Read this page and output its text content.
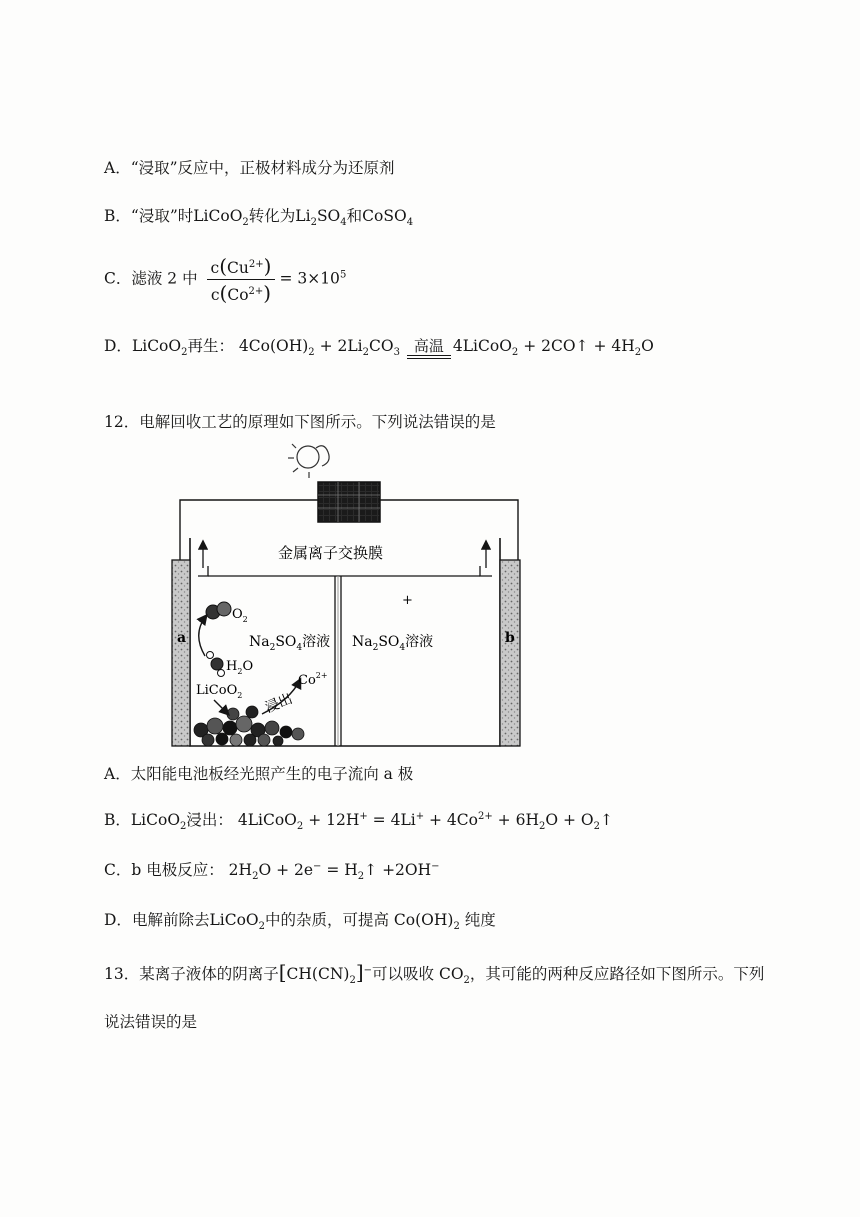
A．“浸取”反应中，正极材料成分为还原剂
B．“浸取”时LiCoO$_2$转化为$Li_2SO_4$和CoSO$_4$
C．滤液 2 中 $\frac{c(Cu^{2+})}{c(Co^{2+})} = 3\times 10^5$
D．LiCoO$_2$再生： $4Co(OH)_2 + 2Li_2CO_3$ 高温 4LiCoO$_2$ + 2CO↑ + $4H_2O$
12．电解回收工艺的原理如下图所示。下列说法错误的是
金属离子交换膜
a	b
+
$Na_2SO_4$溶液 $Na_2SO_4$溶液
$O_2$
$H_2O$
LiCoO$_2$ 浸出
$Co^{2+}$
A．太阳能电池板经光照产生的电子流向 a 极
B．LiCoO$_2$浸出： 4LiCoO$_2$ + $12H^+ = 4Li^+ + 4Co^{2+} + 6H_2O$ + $O_2↑$
C．b 电极反应： $2H_2O + 2e^-$ = $H_2↑ +2OH^-$
D．电解前除去LiCoO$_2$中的杂质，可提高 $Co(OH)_2$ 纯度
13．某离子液体的阴离子$[CH(CN)_2]^-$可以吸收 $CO_2$，其可能的两种反应路径如下图所示。下列
说法错误的是
